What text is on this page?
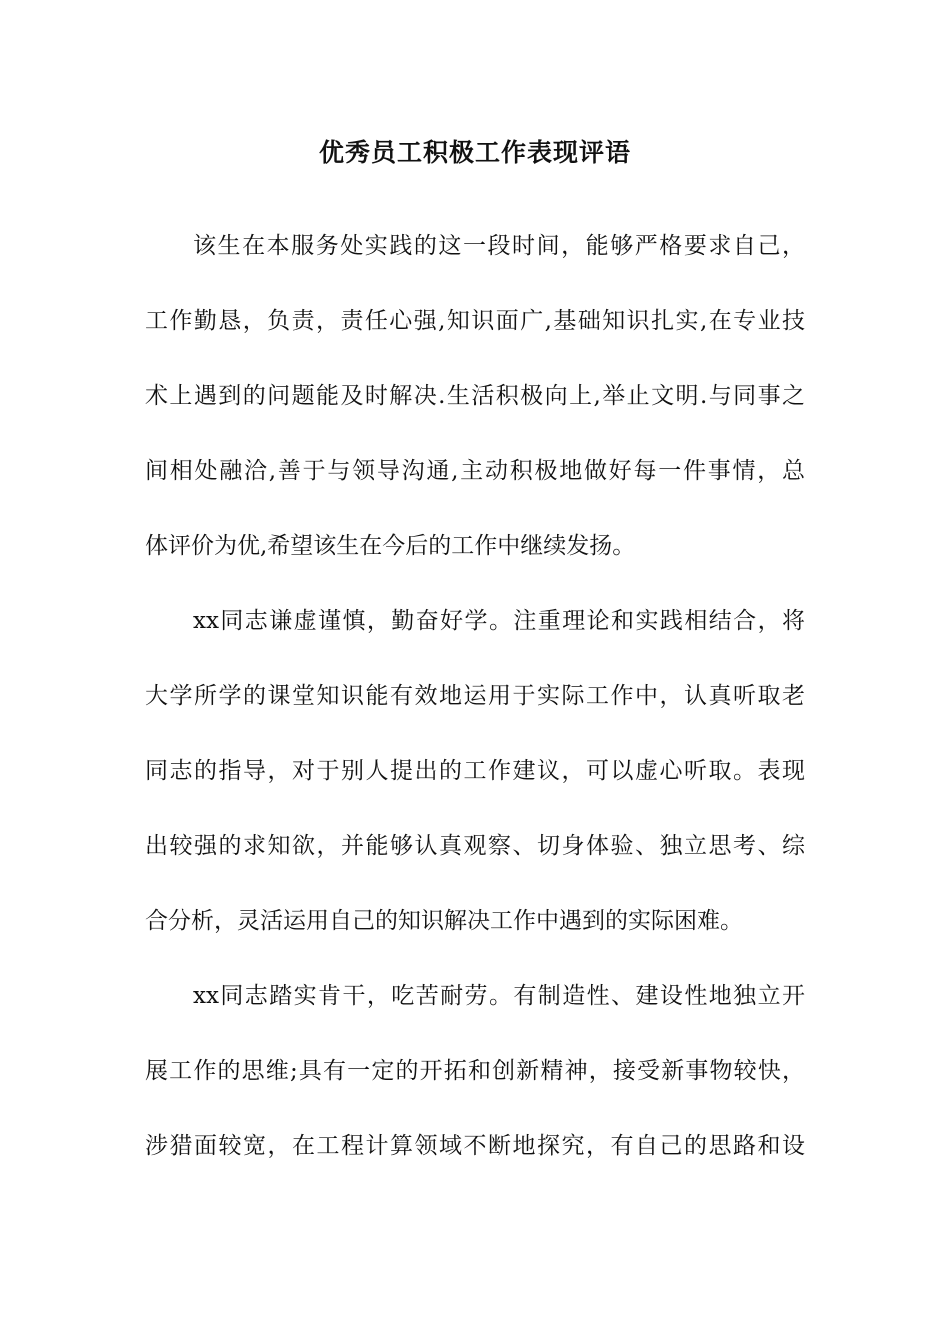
优秀员工积极工作表现评语
该生在本服务处实践的这一段时间，能够严格要求自己，
工作勤恳，负责，责任心强,知识面广,基础知识扎实,在专业技
术上遇到的问题能及时解决.生活积极向上,举止文明.与同事之
间相处融洽,善于与领导沟通,主动积极地做好每一件事情，总
体评价为优,希望该生在今后的工作中继续发扬。
xx同志谦虚谨慎，勤奋好学。注重理论和实践相结合，将
大学所学的课堂知识能有效地运用于实际工作中，认真听取老
同志的指导，对于别人提出的工作建议，可以虚心听取。表现
出较强的求知欲，并能够认真观察、切身体验、独立思考、综
合分析，灵活运用自己的知识解决工作中遇到的实际困难。
xx同志踏实肯干，吃苦耐劳。有制造性、建设性地独立开
展工作的思维;具有一定的开拓和创新精神，接受新事物较快，
涉猎面较宽，在工程计算领域不断地探究，有自己的思路和设
